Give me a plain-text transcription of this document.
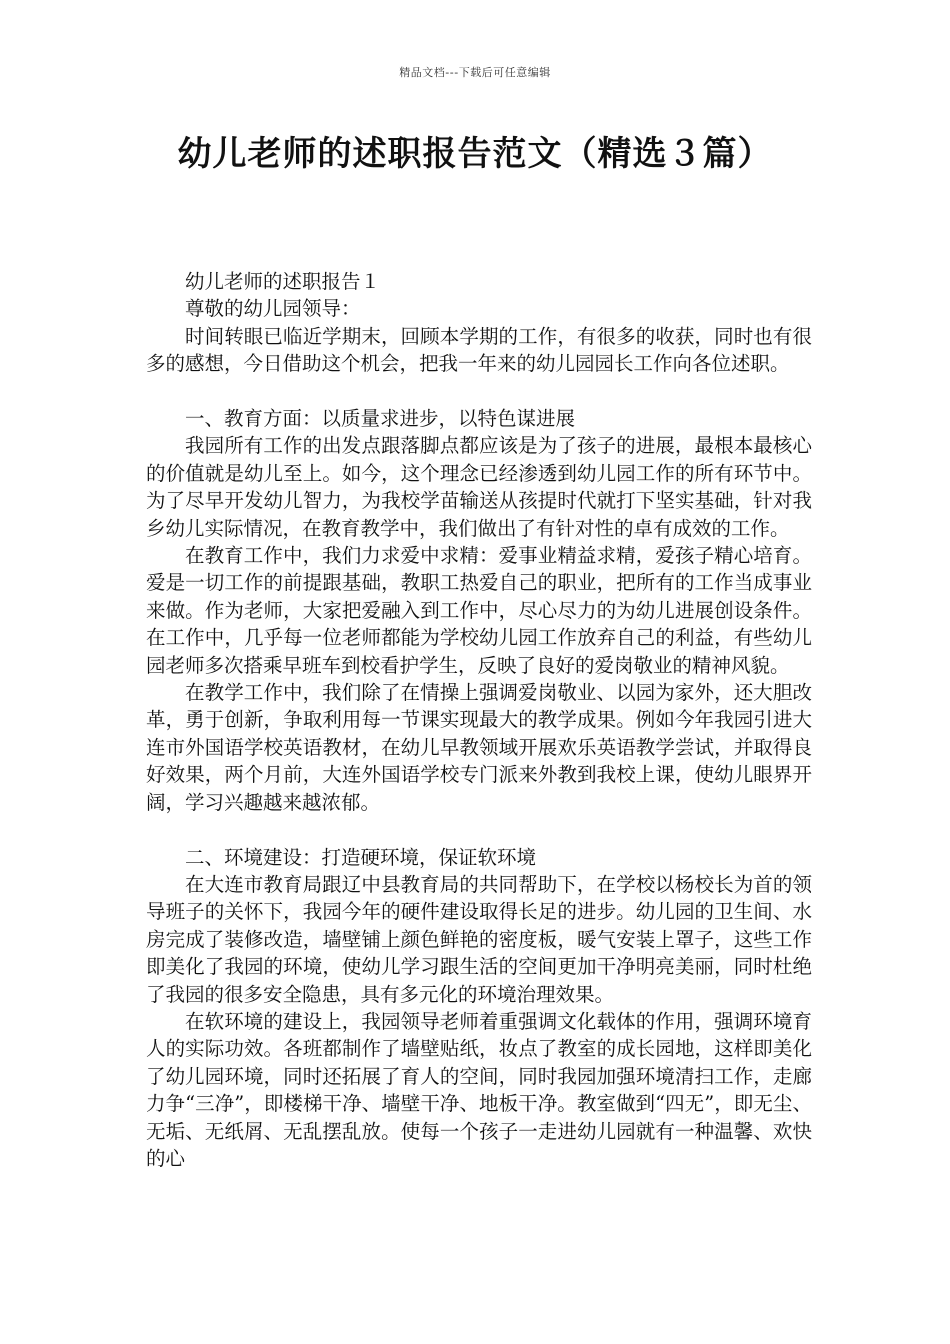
精品文档---下载后可任意编辑
幼儿老师的述职报告范文（精选３篇）

幼儿老师的述职报告１

尊敬的幼儿园领导：

时间转眼已临近学期末，回顾本学期的工作，有很多的收获，同时也有很多的感想，今日借助这个机会，把我一年来的幼儿园园长工作向各位述职。

一、教育方面：以质量求进步，以特色谋进展

我园所有工作的出发点跟落脚点都应该是为了孩子的进展，最根本最核心的价值就是幼儿至上。如今，这个理念已经渗透到幼儿园工作的所有环节中。为了尽早开发幼儿智力，为我校学苗输送从孩提时代就打下坚实基础，针对我乡幼儿实际情况，在教育教学中，我们做出了有针对性的卓有成效的工作。

在教育工作中，我们力求爱中求精：爱事业精益求精，爱孩子精心培育。爱是一切工作的前提跟基础，教职工热爱自己的职业，把所有的工作当成事业来做。作为老师，大家把爱融入到工作中，尽心尽力的为幼儿进展创设条件。在工作中，几乎每一位老师都能为学校幼儿园工作放弃自己的利益，有些幼儿园老师多次搭乘早班车到校看护学生，反映了良好的爱岗敬业的精神风貌。

在教学工作中，我们除了在情操上强调爱岗敬业、以园为家外，还大胆改革，勇于创新，争取利用每一节课实现最大的教学成果。例如今年我园引进大连市外国语学校英语教材，在幼儿早教领域开展欢乐英语教学尝试，并取得良好效果，两个月前，大连外国语学校专门派来外教到我校上课，使幼儿眼界开阔，学习兴趣越来越浓郁。

二、环境建设：打造硬环境，保证软环境

在大连市教育局跟辽中县教育局的共同帮助下，在学校以杨校长为首的领导班子的关怀下，我园今年的硬件建设取得长足的进步。幼儿园的卫生间、水房完成了装修改造，墙壁铺上颜色鲜艳的密度板，暖气安装上罩子，这些工作即美化了我园的环境，使幼儿学习跟生活的空间更加干净明亮美丽，同时杜绝了我园的很多安全隐患，具有多元化的环境治理效果。

在软环境的建设上，我园领导老师着重强调文化载体的作用，强调环境育人的实际功效。各班都制作了墙壁贴纸，妆点了教室的成长园地，这样即美化了幼儿园环境，同时还拓展了育人的空间，同时我园加强环境清扫工作，走廊力争“三净”，即楼梯干净、墙壁干净、地板干净。教室做到“四无”，即无尘、无垢、无纸屑、无乱摆乱放。使每一个孩子一走进幼儿园就有一种温馨、欢快的心
